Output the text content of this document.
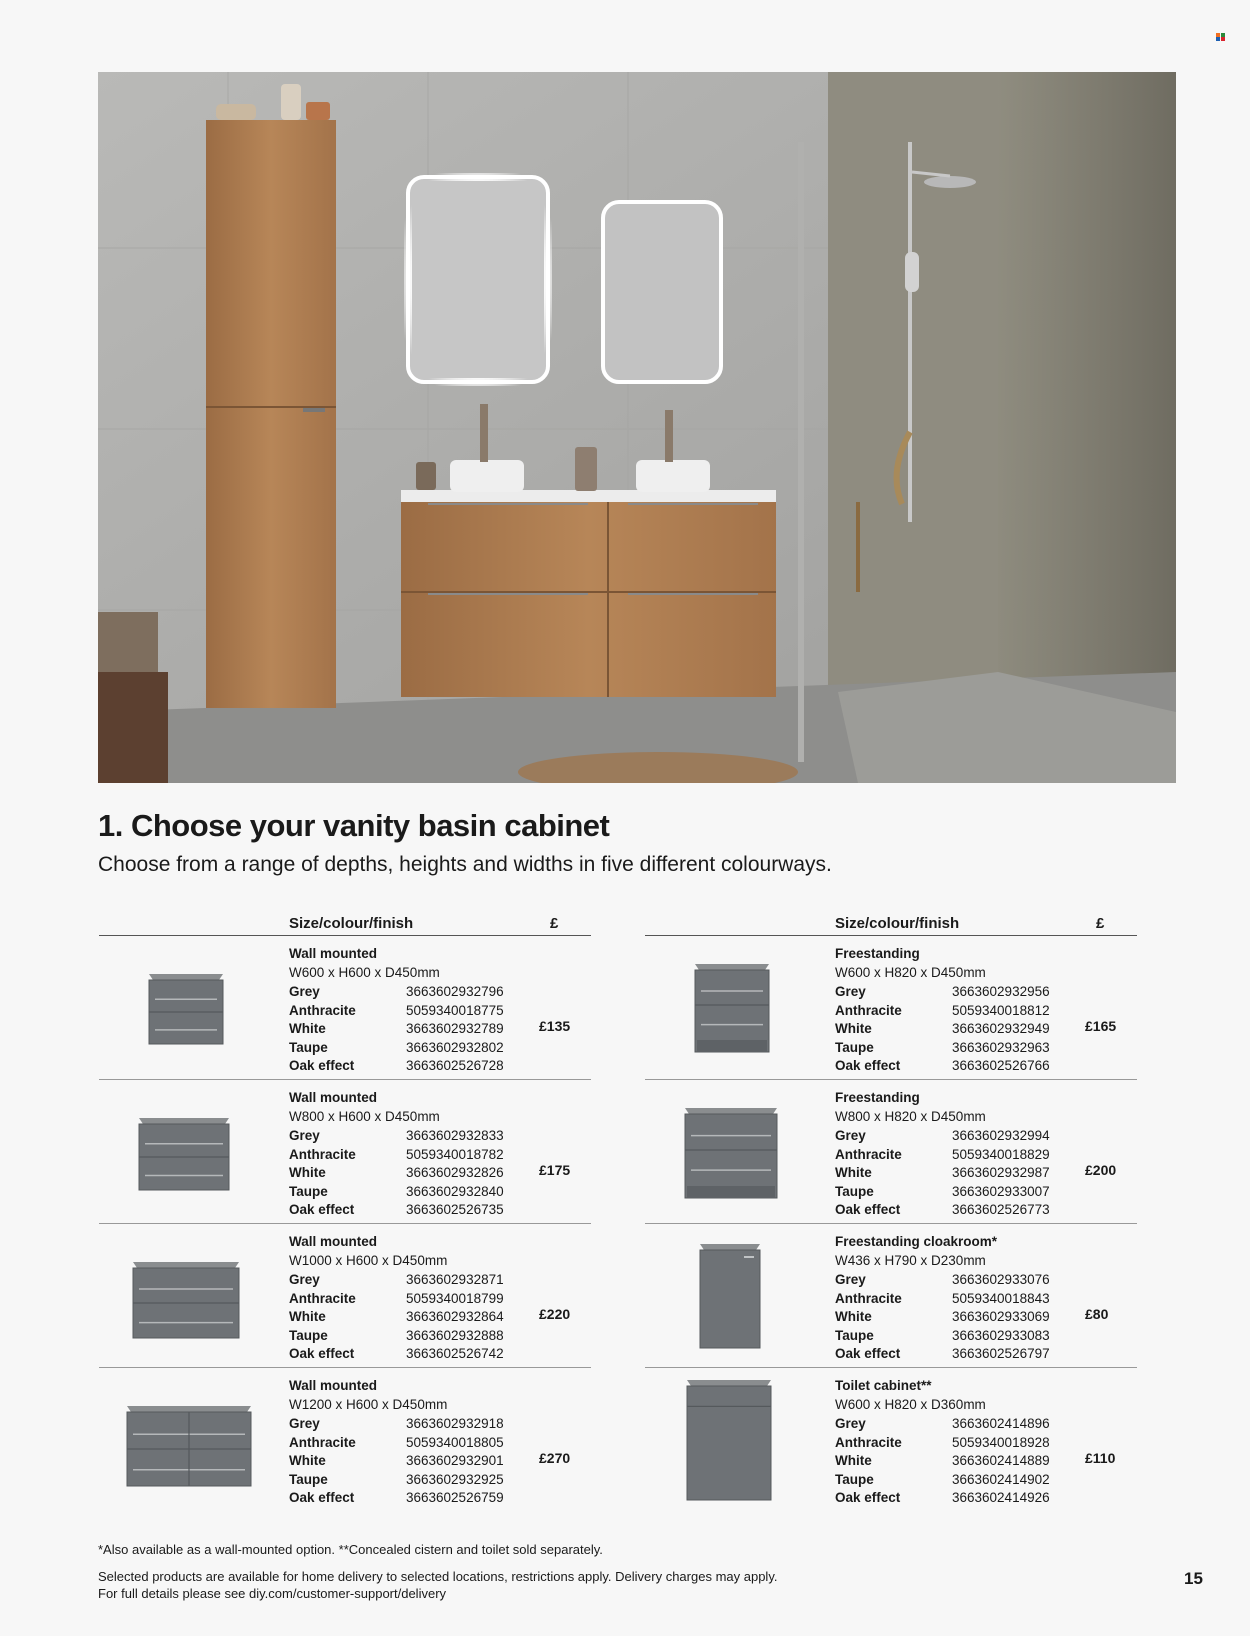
1. Choose your vanity basin cabinet

Choose from a range of depths, heights and widths in five different colourways.

Size/colour/finish	£
Wall mounted
W600 x H600 x D450mm
Grey	3663602932796
Anthracite	5059340018775
White	3663602932789
Taupe	3663602932802
Oak effect	3663602526728
£135
Wall mounted
W800 x H600 x D450mm
Grey	3663602932833
Anthracite	5059340018782
White	3663602932826
Taupe	3663602932840
Oak effect	3663602526735
£175
Wall mounted
W1000 x H600 x D450mm
Grey	3663602932871
Anthracite	5059340018799
White	3663602932864
Taupe	3663602932888
Oak effect	3663602526742
£220
Wall mounted
W1200 x H600 x D450mm
Grey	3663602932918
Anthracite	5059340018805
White	3663602932901
Taupe	3663602932925
Oak effect	3663602526759
£270
Size/colour/finish	£
Freestanding
W600 x H820 x D450mm
Grey	3663602932956
Anthracite	5059340018812
White	3663602932949
Taupe	3663602932963
Oak effect	3663602526766
£165
Freestanding
W800 x H820 x D450mm
Grey	3663602932994
Anthracite	5059340018829
White	3663602932987
Taupe	3663602933007
Oak effect	3663602526773
£200
Freestanding cloakroom*
W436 x H790 x D230mm
Grey	3663602933076
Anthracite	5059340018843
White	3663602933069
Taupe	3663602933083
Oak effect	3663602526797
£80
Toilet cabinet**
W600 x H820 x D360mm
Grey	3663602414896
Anthracite	5059340018928
White	3663602414889
Taupe	3663602414902
Oak effect	3663602414926
£110

*Also available as a wall-mounted option. **Concealed cistern and toilet sold separately.

Selected products are available for home delivery to selected locations, restrictions apply. Delivery charges may apply.

For full details please see diy.com/customer-support/delivery

15
